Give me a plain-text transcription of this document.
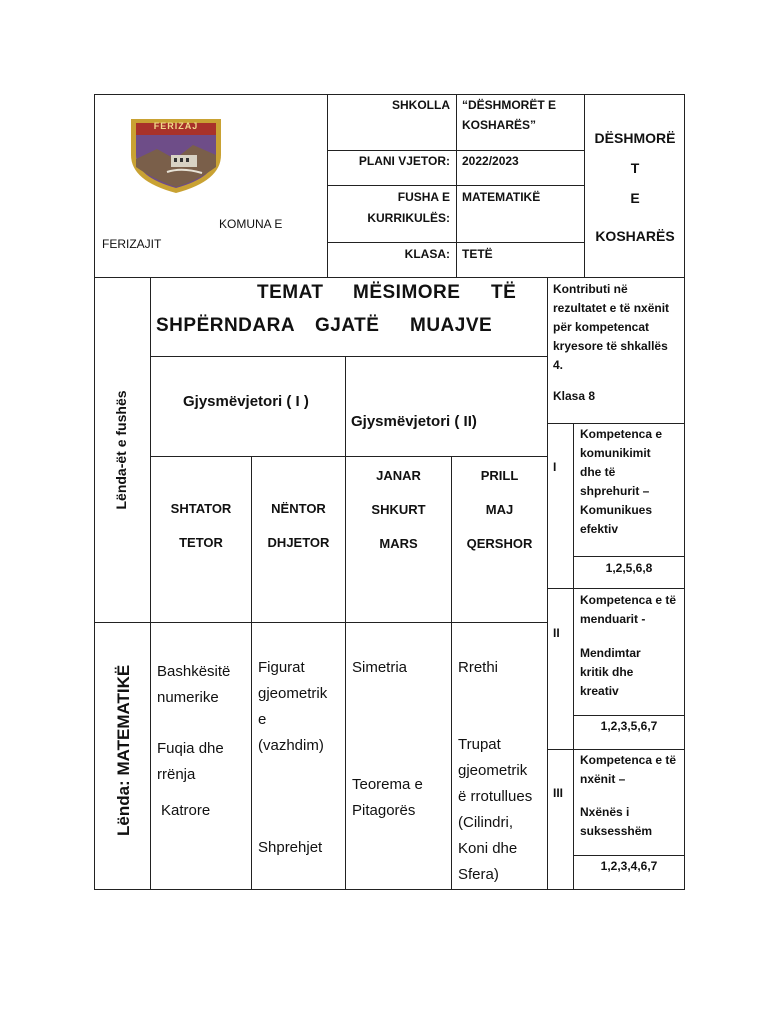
FERIZAJ
KOMUNA E
FERIZAJIT
SHKOLLA “DËSHMORËT E
KOSHARËS”
PLANI VJETOR: 2022/2023
FUSHA E
KURRIKULËS:
MATEMATIKË
KLASA: TETË
DËSHMORË
T
E
KOSHARËS
TEMAT MËSIMORE TË
SHPËRNDARA GJATË MUAJVE
Lënda-ët e fushës
Lënda: MATEMATIKË
Gjysmëvjetori ( I )
Gjysmëvjetori ( II)
SHTATOR
TETOR
NËNTOR
DHJETOR
JANAR
SHKURT
MARS
PRILL
MAJ
QERSHOR
Bashkësitë
numerike
Fuqia dhe
rrënja
Katrore
Figurat
gjeometrik
e
(vazhdim)
Shprehjet
Simetria
Teorema e
Pitagorës
Rrethi
Trupat
gjeometrik
ë rrotullues
(Cilindri,
Koni dhe
Sfera)
Kontributi në
rezultatet e të nxënit
për kompetencat
kryesore të shkallës
4.
Klasa 8
I
Kompetenca e
komunikimit
dhe të
shprehurit –
Komunikues
efektiv
1,2,5,6,8
II
Kompetenca e të
menduarit -
Mendimtar
kritik dhe
kreativ
1,2,3,5,6,7
III
Kompetenca e të
nxënit –
Nxënës i
suksesshëm
1,2,3,4,6,7
